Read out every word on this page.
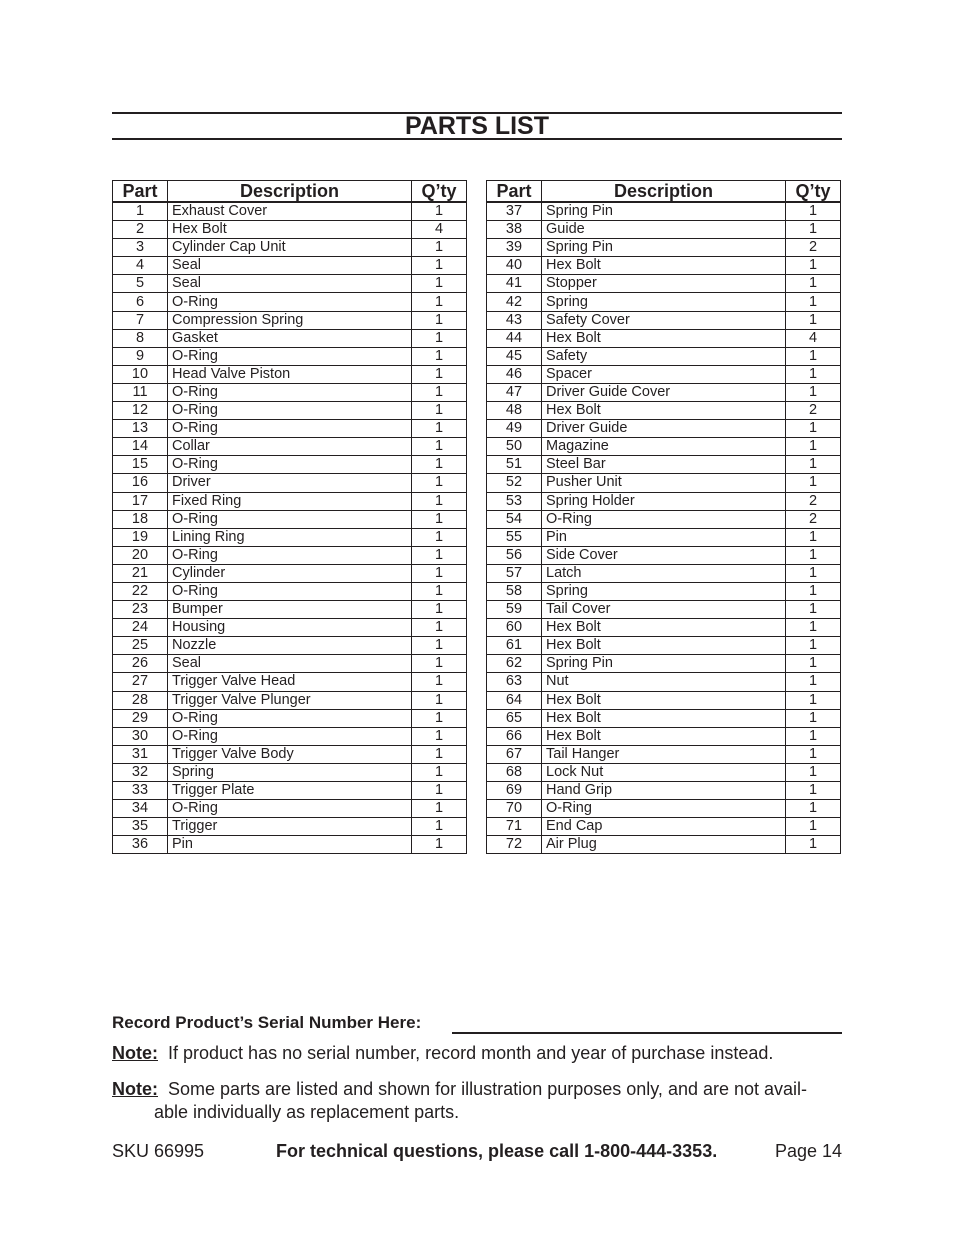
PARTS LIST
Part	Description	Q’ty
1	Exhaust Cover	1
2	Hex Bolt	4
3	Cylinder Cap Unit	1
4	Seal	1
5	Seal	1
6	O-Ring	1
7	Compression Spring	1
8	Gasket	1
9	O-Ring	1
10	Head Valve Piston	1
11	O-Ring	1
12	O-Ring	1
13	O-Ring	1
14	Collar	1
15	O-Ring	1
16	Driver	1
17	Fixed Ring	1
18	O-Ring	1
19	Lining Ring	1
20	O-Ring	1
21	Cylinder	1
22	O-Ring	1
23	Bumper	1
24	Housing	1
25	Nozzle	1
26	Seal	1
27	Trigger Valve Head	1
28	Trigger Valve Plunger	1
29	O-Ring	1
30	O-Ring	1
31	Trigger Valve Body	1
32	Spring	1
33	Trigger Plate	1
34	O-Ring	1
35	Trigger	1
36	Pin	1
Part	Description	Q’ty
37	Spring Pin	1
38	Guide	1
39	Spring Pin	2
40	Hex Bolt	1
41	Stopper	1
42	Spring	1
43	Safety Cover	1
44	Hex Bolt	4
45	Safety	1
46	Spacer	1
47	Driver Guide Cover	1
48	Hex Bolt	2
49	Driver Guide	1
50	Magazine	1
51	Steel Bar	1
52	Pusher Unit	1
53	Spring Holder	2
54	O-Ring	2
55	Pin	1
56	Side Cover	1
57	Latch	1
58	Spring	1
59	Tail Cover	1
60	Hex Bolt	1
61	Hex Bolt	1
62	Spring Pin	1
63	Nut	1
64	Hex Bolt	1
65	Hex Bolt	1
66	Hex Bolt	1
67	Tail Hanger	1
68	Lock Nut	1
69	Hand Grip	1
70	O-Ring	1
71	End Cap	1
72	Air Plug	1
Record Product’s Serial Number Here:
Note: If product has no serial number, record month and year of purchase instead.
Note: Some parts are listed and shown for illustration purposes only, and are not avail-
able individually as replacement parts.
SKU 66995	For technical questions, please call 1-800-444-3353.	Page 14
